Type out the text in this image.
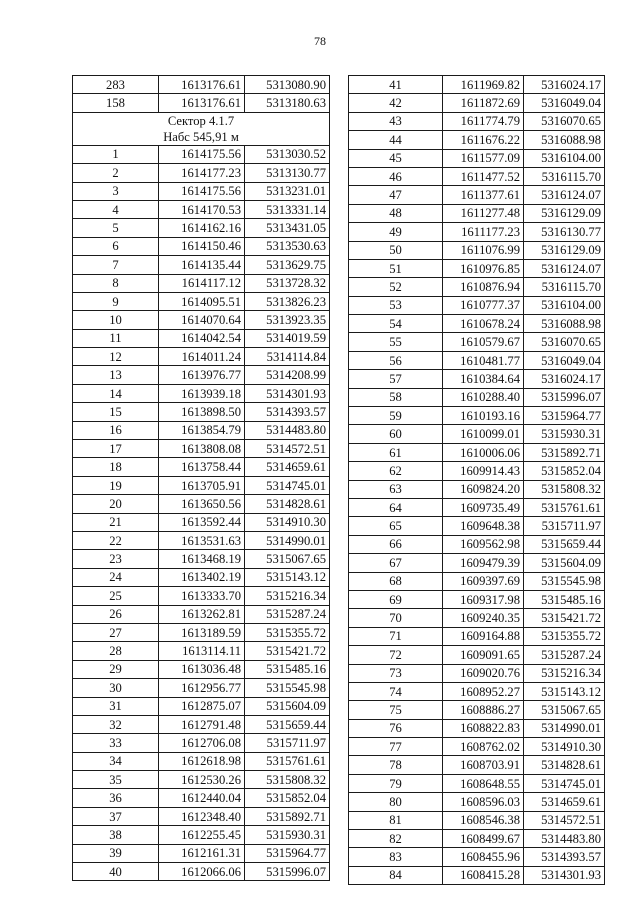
78
283	1613176.61	5313080.90
158	1613176.61	5313180.63

Сектор 4.1.7
Набс 545,91 м		

1	1614175.56	5313030.52
2	1614177.23	5313130.77
3	1614175.56	5313231.01
4	1614170.53	5313331.14
5	1614162.16	5313431.05
6	1614150.46	5313530.63
7	1614135.44	5313629.75
8	1614117.12	5313728.32
9	1614095.51	5313826.23
10	1614070.64	5313923.35
11	1614042.54	5314019.59
12	1614011.24	5314114.84
13	1613976.77	5314208.99
14	1613939.18	5314301.93
15	1613898.50	5314393.57
16	1613854.79	5314483.80
17	1613808.08	5314572.51
18	1613758.44	5314659.61
19	1613705.91	5314745.01
20	1613650.56	5314828.61
21	1613592.44	5314910.30
22	1613531.63	5314990.01
23	1613468.19	5315067.65
24	1613402.19	5315143.12
25	1613333.70	5315216.34
26	1613262.81	5315287.24
27	1613189.59	5315355.72
28	1613114.11	5315421.72
29	1613036.48	5315485.16
30	1612956.77	5315545.98
31	1612875.07	5315604.09
32	1612791.48	5315659.44
33	1612706.08	5315711.97
34	1612618.98	5315761.61
35	1612530.26	5315808.32
36	1612440.04	5315852.04
37	1612348.40	5315892.71
38	1612255.45	5315930.31
39	1612161.31	5315964.77
40	1612066.06	5315996.07
41	1611969.82	5316024.17
42	1611872.69	5316049.04
43	1611774.79	5316070.65
44	1611676.22	5316088.98
45	1611577.09	5316104.00
46	1611477.52	5316115.70
47	1611377.61	5316124.07
48	1611277.48	5316129.09
49	1611177.23	5316130.77
50	1611076.99	5316129.09
51	1610976.85	5316124.07
52	1610876.94	5316115.70
53	1610777.37	5316104.00
54	1610678.24	5316088.98
55	1610579.67	5316070.65
56	1610481.77	5316049.04
57	1610384.64	5316024.17
58	1610288.40	5315996.07
59	1610193.16	5315964.77
60	1610099.01	5315930.31
61	1610006.06	5315892.71
62	1609914.43	5315852.04
63	1609824.20	5315808.32
64	1609735.49	5315761.61
65	1609648.38	5315711.97
66	1609562.98	5315659.44
67	1609479.39	5315604.09
68	1609397.69	5315545.98
69	1609317.98	5315485.16
70	1609240.35	5315421.72
71	1609164.88	5315355.72
72	1609091.65	5315287.24
73	1609020.76	5315216.34
74	1608952.27	5315143.12
75	1608886.27	5315067.65
76	1608822.83	5314990.01
77	1608762.02	5314910.30
78	1608703.91	5314828.61
79	1608648.55	5314745.01
80	1608596.03	5314659.61
81	1608546.38	5314572.51
82	1608499.67	5314483.80
83	1608455.96	5314393.57
84	1608415.28	5314301.93
